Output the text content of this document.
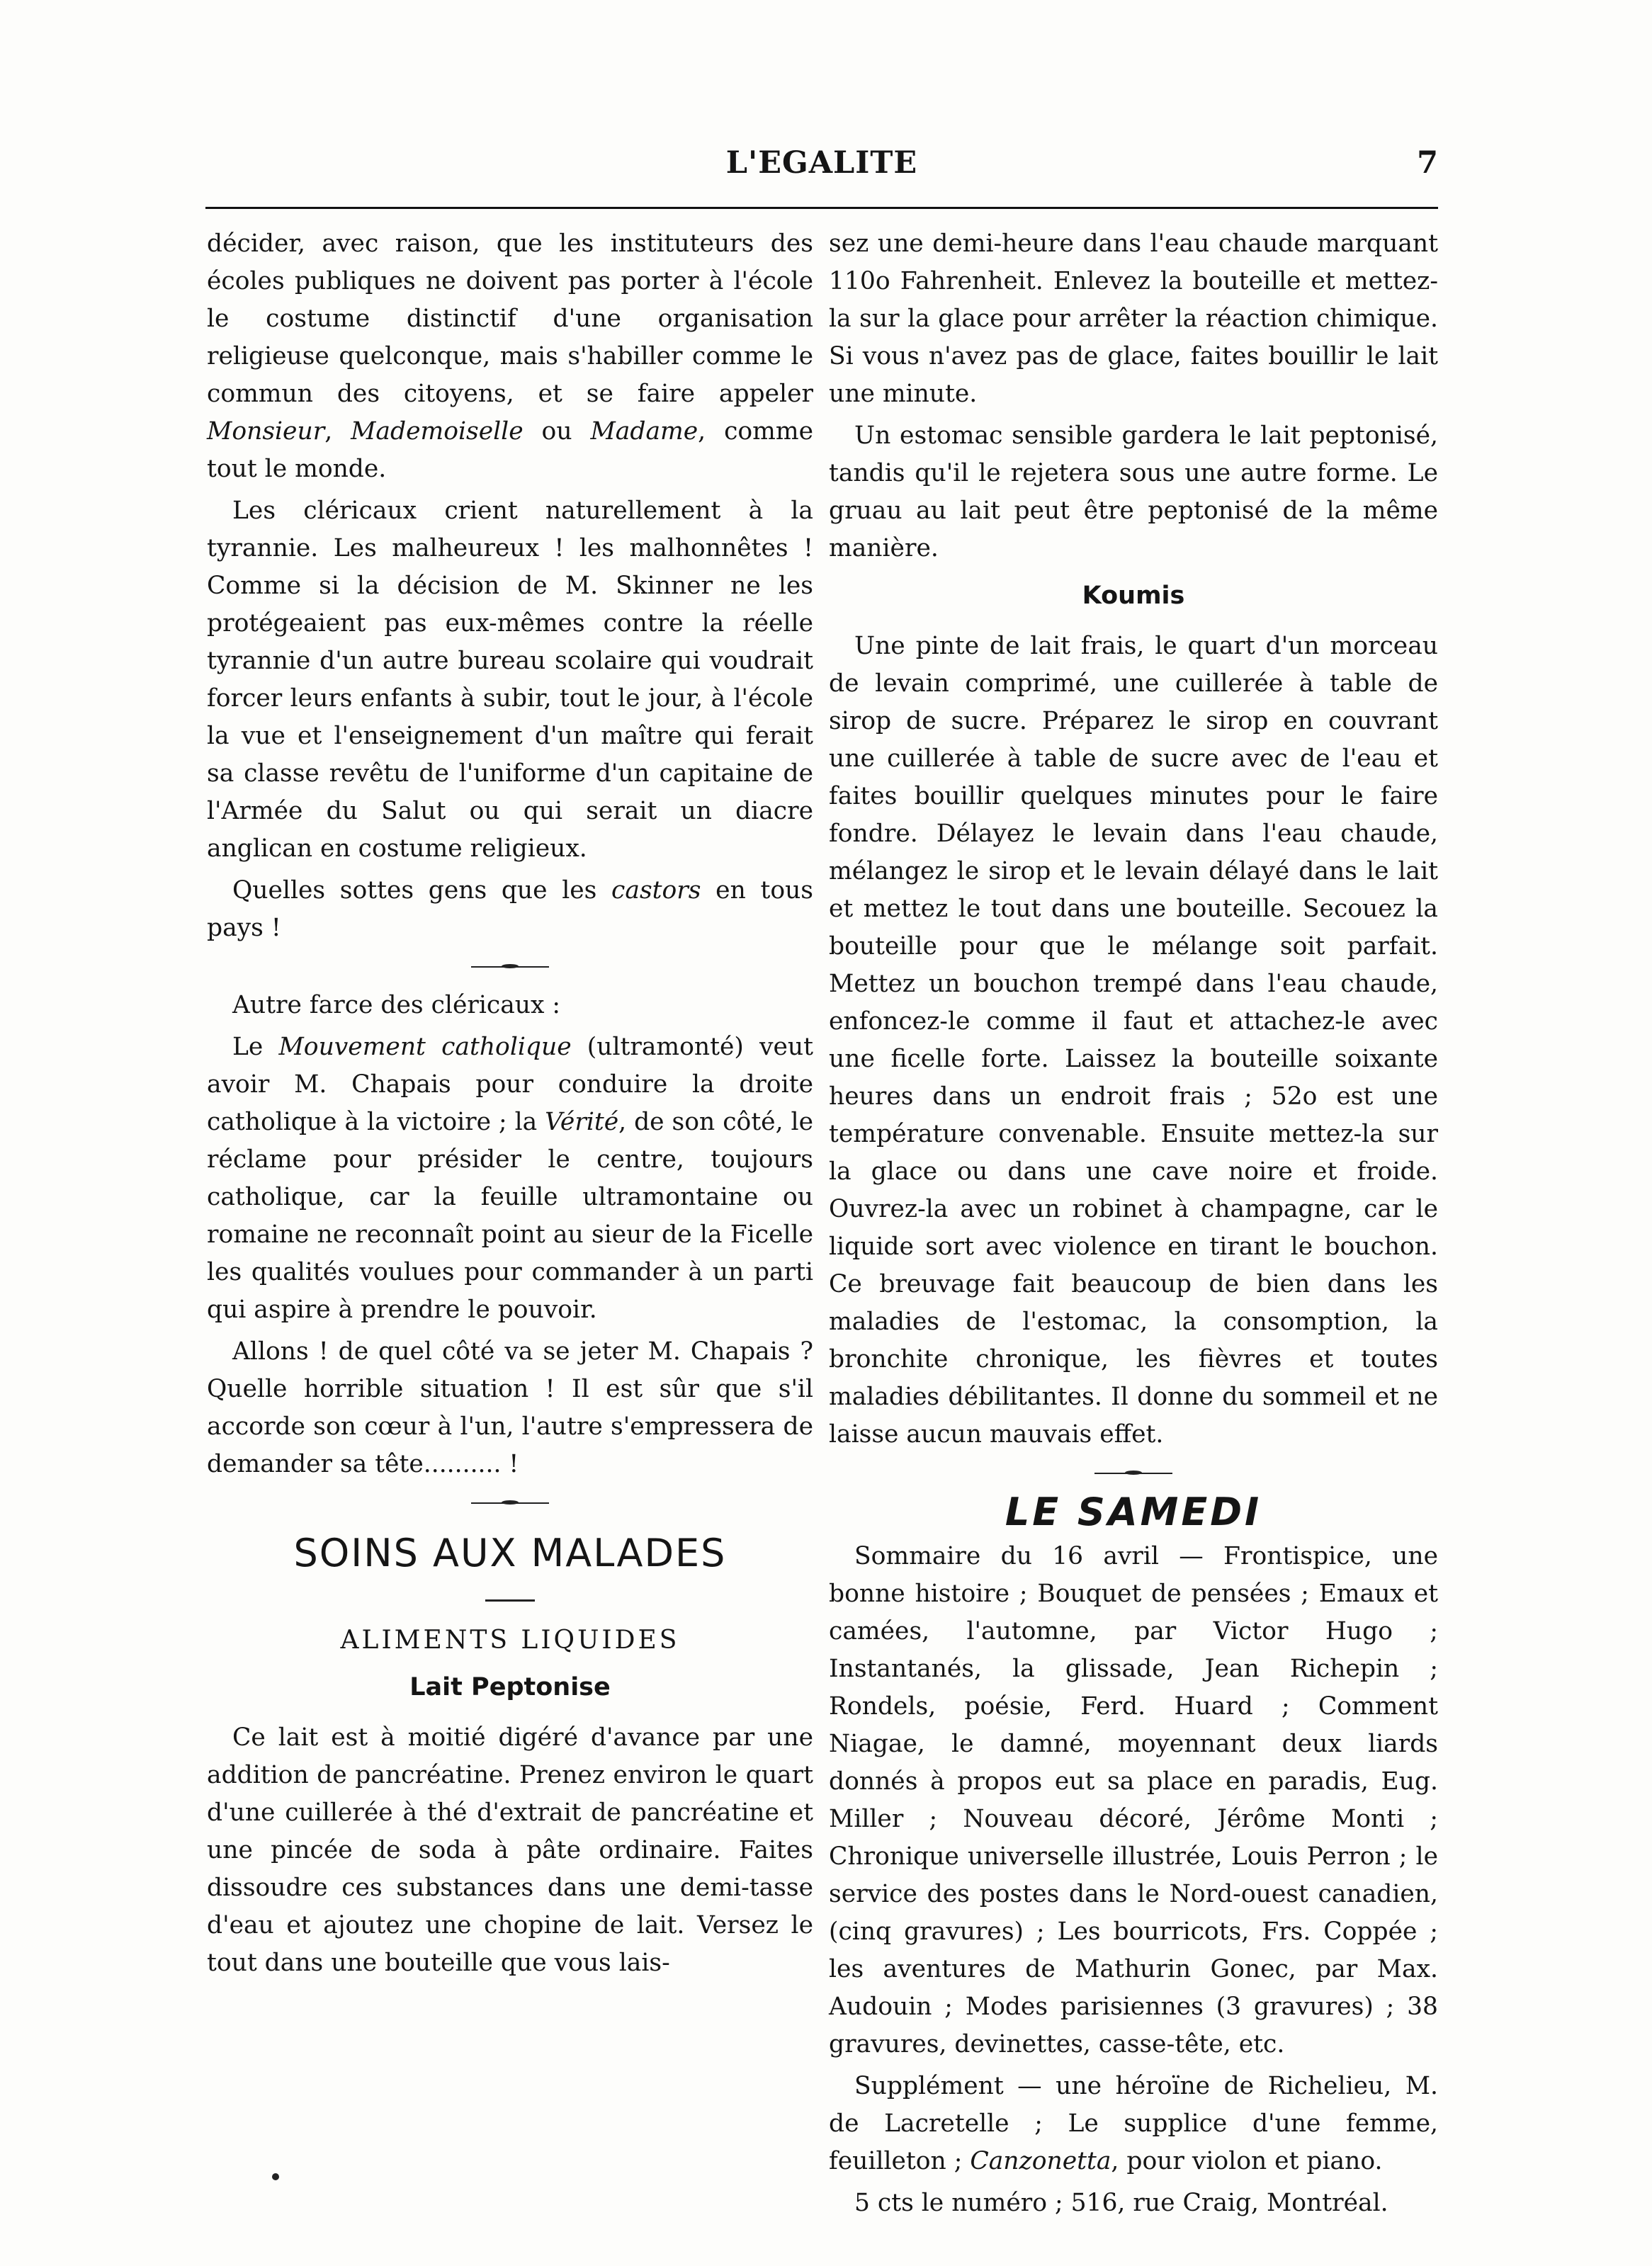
L'EGALITE	7

décider, avec raison, que les instituteurs des écoles publiques ne doivent pas porter à l'école le costume distinctif d'une organisation religieuse quelconque, mais s'habiller comme le commun des citoyens, et se faire appeler Monsieur, Mademoiselle ou Madame, comme tout le monde.

Les cléricaux crient naturellement à la tyrannie. Les malheureux ! les malhonnêtes ! Comme si la décision de M. Skinner ne les protégeaient pas eux-mêmes contre la réelle tyrannie d'un autre bureau scolaire qui voudrait forcer leurs enfants à subir, tout le jour, à l'école la vue et l'enseignement d'un maître qui ferait sa classe revêtu de l'uniforme d'un capitaine de l'Armée du Salut ou qui serait un diacre anglican en costume religieux.

Quelles sottes gens que les castors en tous pays !

Autre farce des cléricaux :

Le Mouvement catholique (ultramonté) veut avoir M. Chapais pour conduire la droite catholique à la victoire ; la Vérité, de son côté, le réclame pour présider le centre, toujours catholique, car la feuille ultramontaine ou romaine ne reconnaît point au sieur de la Ficelle les qualités voulues pour commander à un parti qui aspire à prendre le pouvoir.

Allons ! de quel côté va se jeter M. Chapais ? Quelle horrible situation ! Il est sûr que s'il accorde son cœur à l'un, l'autre s'empressera de demander sa tête.......... !

SOINS AUX MALADES
ALIMENTS LIQUIDES
Lait Peptonise

Ce lait est à moitié digéré d'avance par une addition de pancréatine. Prenez environ le quart d'une cuillerée à thé d'extrait de pancréatine et une pincée de soda à pâte ordinaire. Faites dissoudre ces substances dans une demi-tasse d'eau et ajoutez une chopine de lait. Versez le tout dans une bouteille que vous lais-

sez une demi-heure dans l'eau chaude marquant 110o Fahrenheit. Enlevez la bouteille et mettez-la sur la glace pour arrêter la réaction chimique. Si vous n'avez pas de glace, faites bouillir le lait une minute.

Un estomac sensible gardera le lait peptonisé, tandis qu'il le rejetera sous une autre forme. Le gruau au lait peut être peptonisé de la même manière.

Koumis

Une pinte de lait frais, le quart d'un morceau de levain comprimé, une cuillerée à table de sirop de sucre. Préparez le sirop en couvrant une cuillerée à table de sucre avec de l'eau et faites bouillir quelques minutes pour le faire fondre. Délayez le levain dans l'eau chaude, mélangez le sirop et le levain délayé dans le lait et mettez le tout dans une bouteille. Secouez la bouteille pour que le mélange soit parfait. Mettez un bouchon trempé dans l'eau chaude, enfoncez-le comme il faut et attachez-le avec une ficelle forte. Laissez la bouteille soixante heures dans un endroit frais ; 52o est une température convenable. Ensuite mettez-la sur la glace ou dans une cave noire et froide. Ouvrez-la avec un robinet à champagne, car le liquide sort avec violence en tirant le bouchon. Ce breuvage fait beaucoup de bien dans les maladies de l'estomac, la consomption, la bronchite chronique, les fièvres et toutes maladies débilitantes. Il donne du sommeil et ne laisse aucun mauvais effet.

LE SAMEDI

Sommaire du 16 avril — Frontispice, une bonne histoire ; Bouquet de pensées ; Emaux et camées, l'automne, par Victor Hugo ; Instantanés, la glissade, Jean Richepin ; Rondels, poésie, Ferd. Huard ; Comment Niagae, le damné, moyennant deux liards donnés à propos eut sa place en paradis, Eug. Miller ; Nouveau décoré, Jérôme Monti ; Chronique universelle illustrée, Louis Perron ; le service des postes dans le Nord-ouest canadien, (cinq gravures) ; Les bourricots, Frs. Coppée ; les aventures de Mathurin Gonec, par Max. Audouin ; Modes parisiennes (3 gravures) ; 38 gravures, devinettes, casse-tête, etc.

Supplément — une héroïne de Richelieu, M. de Lacretelle ; Le supplice d'une femme, feuilleton ; Canzonetta, pour violon et piano.

5 cts le numéro ; 516, rue Craig, Montréal.
